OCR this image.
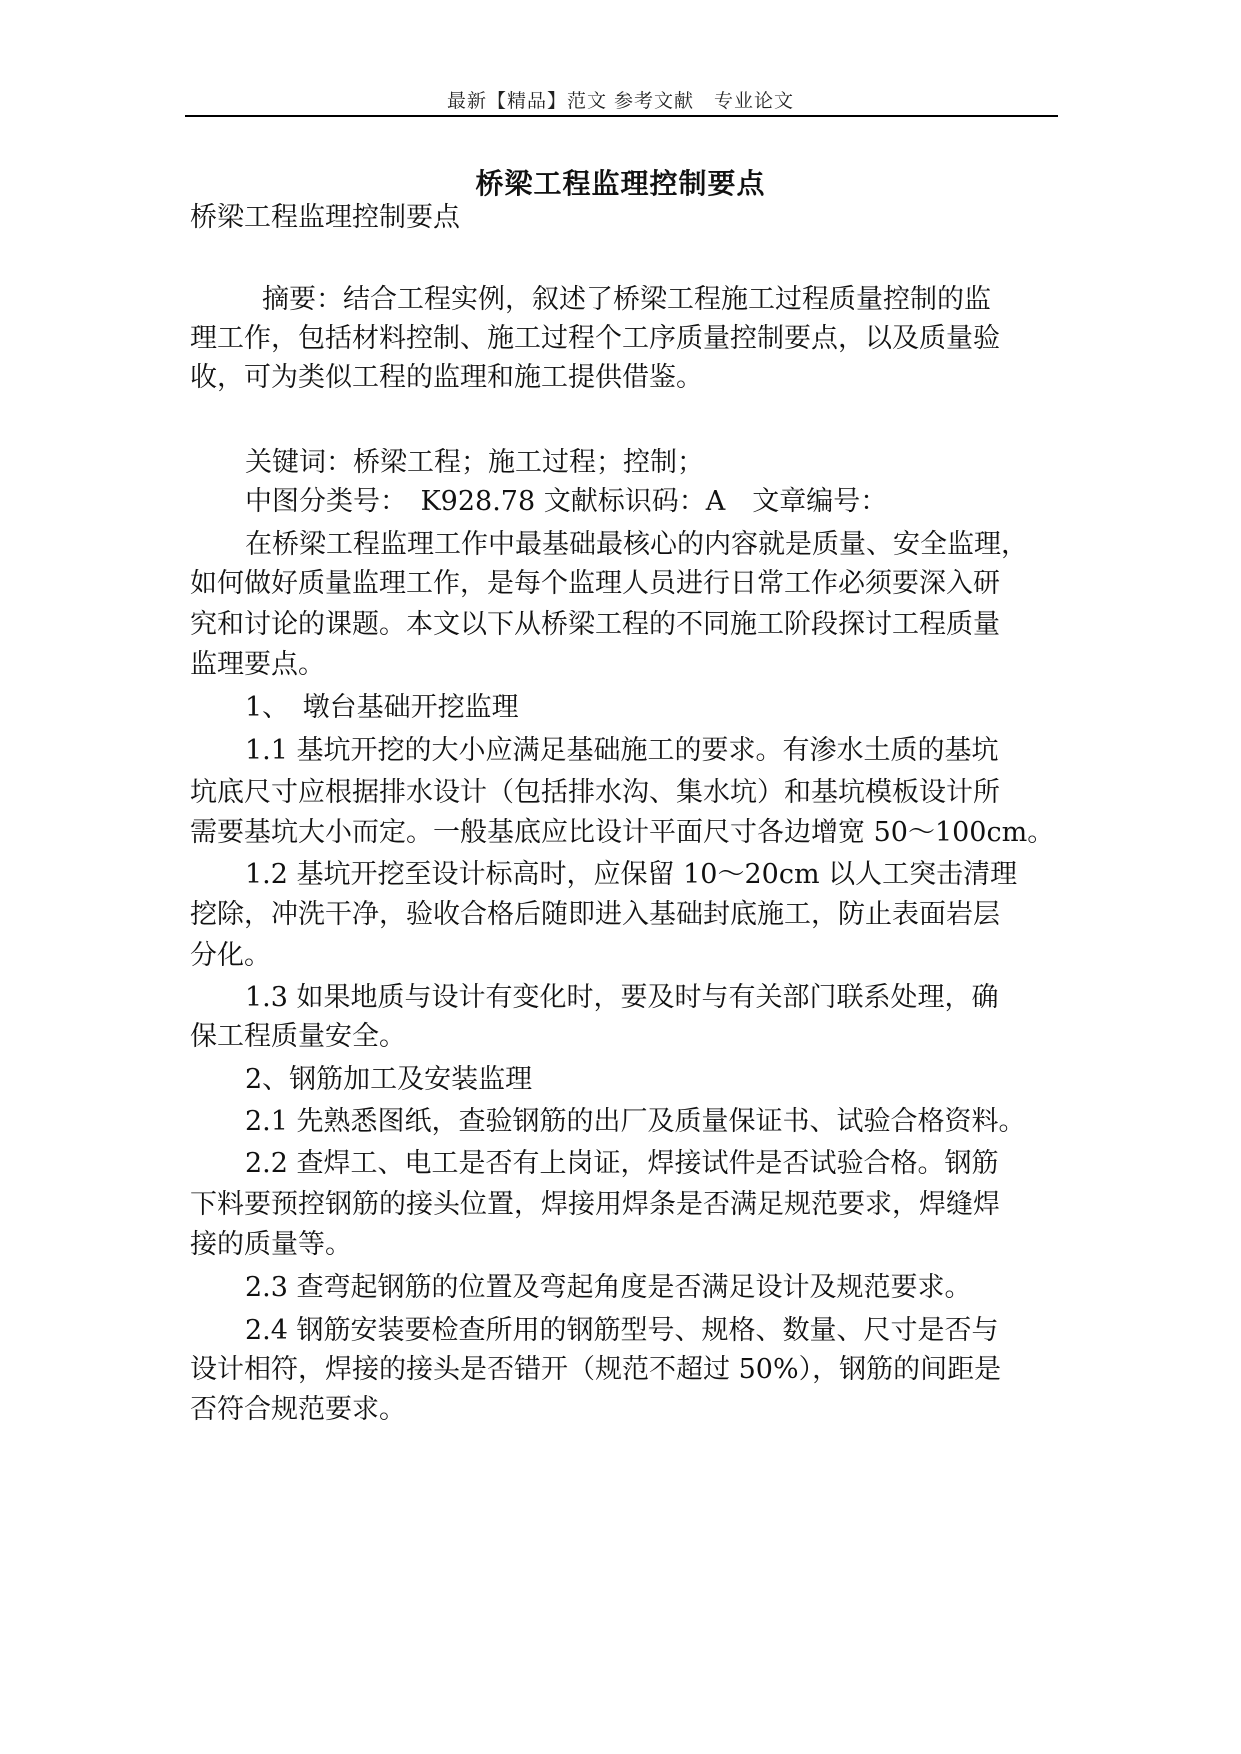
最新【精品】范文 参考文献　专业论文
桥梁工程监理控制要点
桥梁工程监理控制要点
摘要：结合工程实例，叙述了桥梁工程施工过程质量控制的监
理工作，包括材料控制、施工过程个工序质量控制要点，以及质量验
收，可为类似工程的监理和施工提供借鉴。
关键词：桥梁工程；施工过程；控制；
中图分类号：　K928.78 文献标识码：A　文章编号：
在桥梁工程监理工作中最基础最核心的内容就是质量、安全监理，
如何做好质量监理工作，是每个监理人员进行日常工作必须要深入研
究和讨论的课题。本文以下从桥梁工程的不同施工阶段探讨工程质量
监理要点。
1、　墩台基础开挖监理
1.1 基坑开挖的大小应满足基础施工的要求。有渗水土质的基坑
坑底尺寸应根据排水设计（包括排水沟、集水坑）和基坑模板设计所
需要基坑大小而定。一般基底应比设计平面尺寸各边增宽 50～100cm。
1.2 基坑开挖至设计标高时，应保留 10～20cm 以人工突击清理
挖除，冲洗干净，验收合格后随即进入基础封底施工，防止表面岩层
分化。
1.3 如果地质与设计有变化时，要及时与有关部门联系处理，确
保工程质量安全。
2、钢筋加工及安装监理
2.1 先熟悉图纸，查验钢筋的出厂及质量保证书、试验合格资料。
2.2 查焊工、电工是否有上岗证，焊接试件是否试验合格。钢筋
下料要预控钢筋的接头位置，焊接用焊条是否满足规范要求，焊缝焊
接的质量等。
2.3 查弯起钢筋的位置及弯起角度是否满足设计及规范要求。
2.4 钢筋安装要检查所用的钢筋型号、规格、数量、尺寸是否与
设计相符，焊接的接头是否错开（规范不超过 50%），钢筋的间距是
否符合规范要求。
